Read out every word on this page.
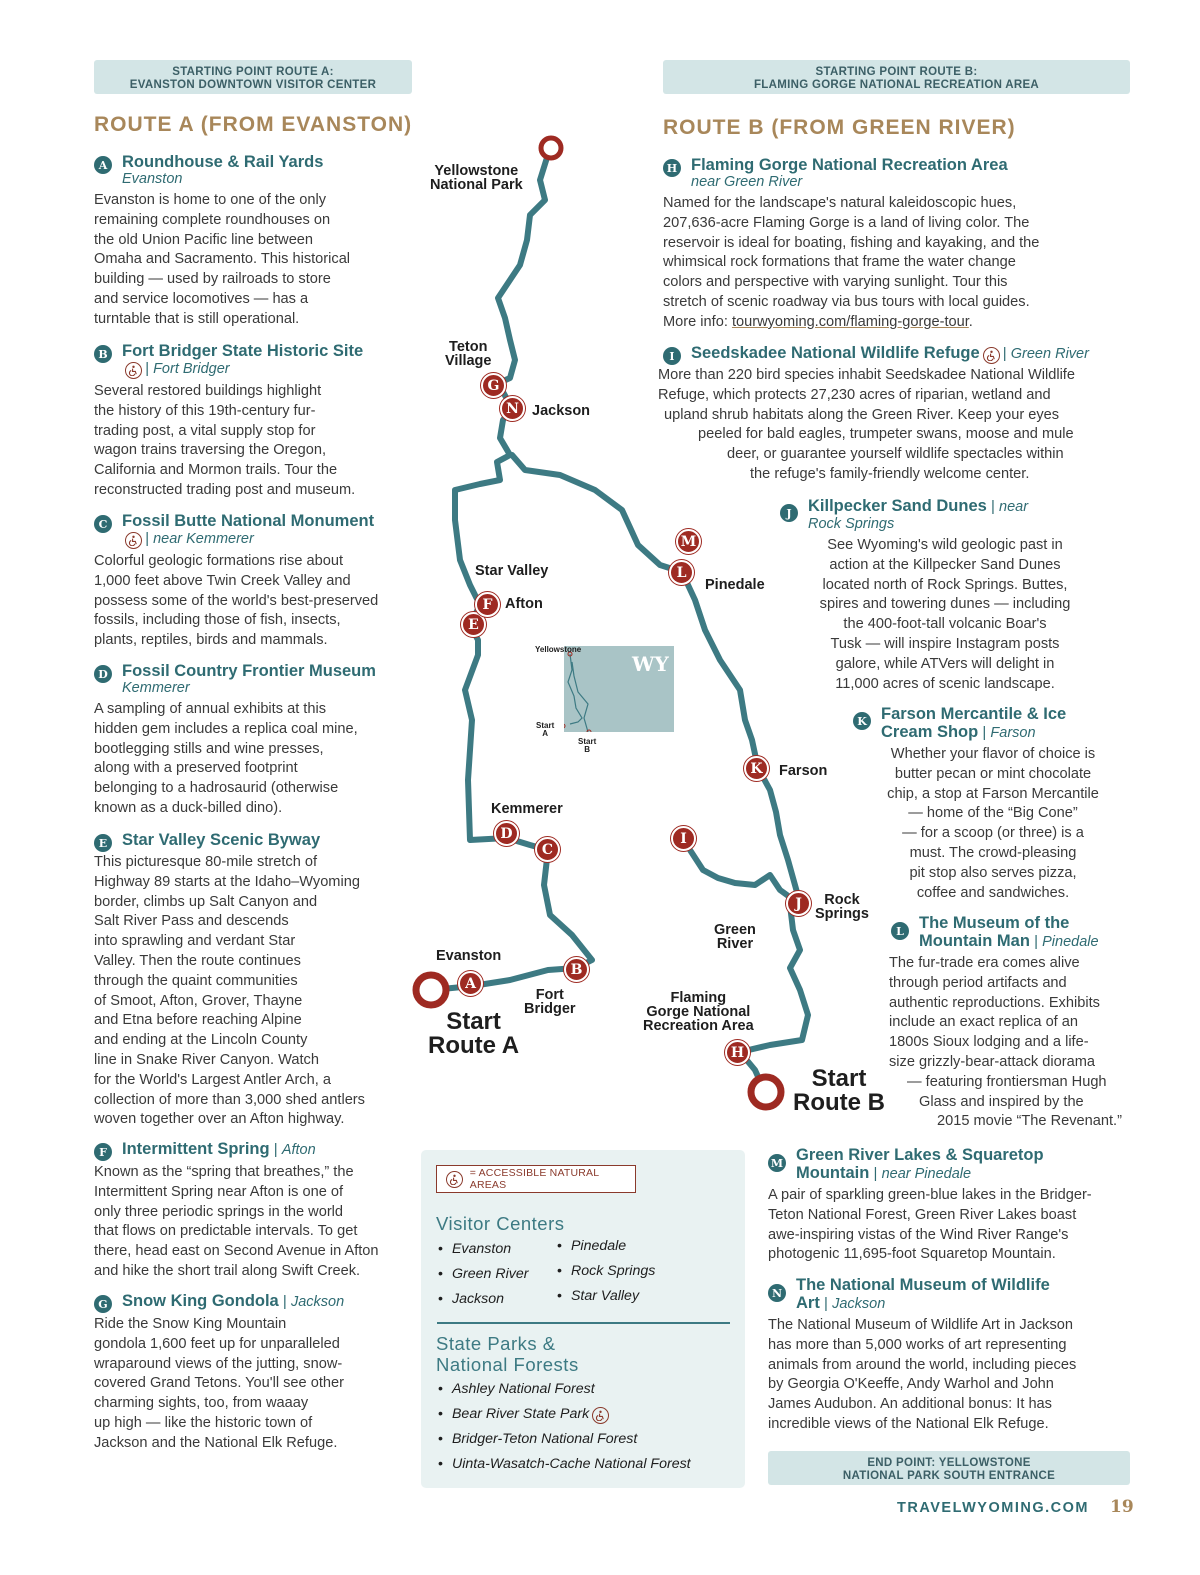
STARTING POINT ROUTE A:
EVANSTON DOWNTOWN VISITOR CENTER
STARTING POINT ROUTE B:
FLAMING GORGE NATIONAL RECREATION AREA
END POINT: YELLOWSTONE
NATIONAL PARK SOUTH ENTRANCE
ROUTE A (FROM EVANSTON)	ROUTE B (FROM GREEN RIVER)
A Roundhouse & Rail Yards
Evanston
Evanston is home to one of the only
remaining complete roundhouses on
the old Union Pacific line between
Omaha and Sacramento. This historical
building — used by railroads to store
and service locomotives — has a
turntable that is still operational.
B Fort Bridger State Historic Site
| Fort Bridger
Several restored buildings highlight
the history of this 19th-century fur-
trading post, a vital supply stop for
wagon trains traversing the Oregon,
California and Mormon trails. Tour the
reconstructed trading post and museum.
C Fossil Butte National Monument
| near Kemmerer
Colorful geologic formations rise about
1,000 feet above Twin Creek Valley and
possess some of the world's best-preserved
fossils, including those of fish, insects,
plants, reptiles, birds and mammals.
D Fossil Country Frontier Museum
Kemmerer
A sampling of annual exhibits at this
hidden gem includes a replica coal mine,
bootlegging stills and wine presses,
along with a preserved footprint
belonging to a hadrosaurid (otherwise
known as a duck-billed dino).
E Star Valley Scenic Byway
This picturesque 80-mile stretch of
Highway 89 starts at the Idaho–Wyoming
border, climbs up Salt Canyon and
Salt River Pass and descends
into sprawling and verdant Star
Valley. Then the route continues
through the quaint communities
of Smoot, Afton, Grover, Thayne
and Etna before reaching Alpine
and ending at the Lincoln County
line in Snake River Canyon. Watch
for the World's Largest Antler Arch, a
collection of more than 3,000 shed antlers
woven together over an Afton highway.
F Intermittent Spring | Afton
Known as the “spring that breathes,” the
Intermittent Spring near Afton is one of
only three periodic springs in the world
that flows on predictable intervals. To get
there, head east on Second Avenue in Afton
and hike the short trail along Swift Creek.
G Snow King Gondola | Jackson
Ride the Snow King Mountain
gondola 1,600 feet up for unparalleled
wraparound views of the jutting, snow-
covered Grand Tetons. You'll see other
charming sights, too, from waaay
up high — like the historic town of
Jackson and the National Elk Refuge.
H Flaming Gorge National Recreation Area
near Green River
Named for the landscape's natural kaleidoscopic hues,
207,636-acre Flaming Gorge is a land of living color. The
reservoir is ideal for boating, fishing and kayaking, and the
whimsical rock formations that frame the water change
colors and perspective with varying sunlight. Tour this
stretch of scenic roadway via bus tours with local guides.
More info: tourwyoming.com/flaming-gorge-tour.
I Seedskadee National Wildlife Refuge | Green River
More than 220 bird species inhabit Seedskadee National Wildlife
Refuge, which protects 27,230 acres of riparian, wetland and
upland shrub habitats along the Green River. Keep your eyes
peeled for bald eagles, trumpeter swans, moose and mule
deer, or guarantee yourself wildlife spectacles within
the refuge's family-friendly welcome center.
J Killpecker Sand Dunes | near
Rock Springs
See Wyoming's wild geologic past in
action at the Killpecker Sand Dunes
located north of Rock Springs. Buttes,
spires and towering dunes — including
the 400-foot-tall volcanic Boar's
Tusk — will inspire Instagram posts
galore, while ATVers will delight in
11,000 acres of scenic landscape.
K Farson Mercantile & Ice
Cream Shop | Farson
Whether your flavor of choice is
butter pecan or mint chocolate
chip, a stop at Farson Mercantile
— home of the “Big Cone”
— for a scoop (or three) is a
must. The crowd-pleasing
pit stop also serves pizza,
coffee and sandwiches.
L The Museum of the
Mountain Man | Pinedale
The fur-trade era comes alive
through period artifacts and
authentic reproductions. Exhibits
include an exact replica of an
1800s Sioux lodging and a life-
size grizzly-bear-attack diorama
— featuring frontiersman Hugh
Glass and inspired by the
2015 movie “The Revenant.”
M Green River Lakes & Squaretop
Mountain | near Pinedale
A pair of sparkling green-blue lakes in the Bridger-
Teton National Forest, Green River Lakes boast
awe-inspiring vistas of the Wind River Range's
photogenic 11,695-foot Squaretop Mountain.
N The National Museum of Wildlife
Art | Jackson
The National Museum of Wildlife Art in Jackson
has more than 5,000 works of art representing
animals from around the world, including pieces
by Georgia O'Keeffe, Andy Warhol and John
James Audubon. An additional bonus: It has
incredible views of the National Elk Refuge.
WY
Yellowstone
Start
A
Start
B
Yellowstone
National Park
Teton
Village
Jackson
Star Valley
Afton
Pinedale
Kemmerer
Farson
Rock
Springs
Green
River
Evanston
Fort
Bridger
Flaming
Gorge National
Recreation Area
Start
Route A
Start
Route B
A
B
C
D
E
F
G
H
I
J
K
L
M
N
= ACCESSIBLE NATURAL AREAS
Visitor Centers
• Evanston
• Green River
• Jackson
• Pinedale
• Rock Springs
• Star Valley
State Parks &
National Forests
• Ashley National Forest
• Bear River State Park
• Bridger-Teton National Forest
• Uinta-Wasatch-Cache National Forest
TRAVELWYOMING.COM 19
